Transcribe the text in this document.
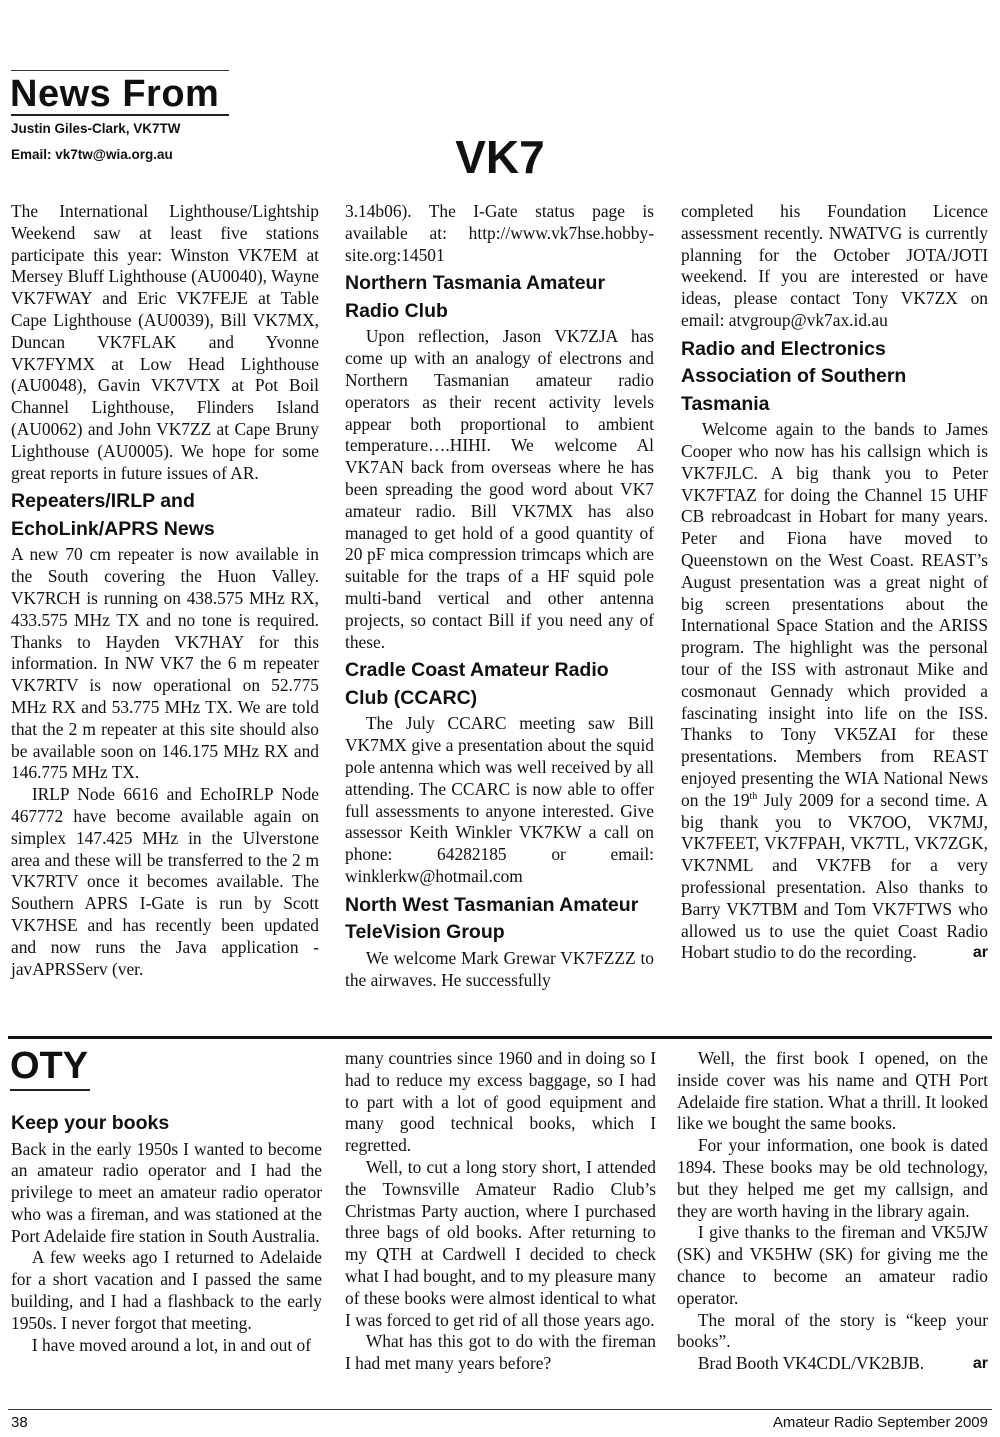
News From
Justin Giles-Clark, VK7TW
Email: vk7tw@wia.org.au	VK7

The International Lighthouse/Lightship Weekend saw at least five stations participate this year: Winston VK7EM at Mersey Bluff Lighthouse (AU0040), Wayne VK7FWAY and Eric VK7FEJE at Table Cape Lighthouse (AU0039), Bill VK7MX, Duncan VK7FLAK and Yvonne VK7FYMX at Low Head Lighthouse (AU0048), Gavin VK7VTX at Pot Boil Channel Lighthouse, Flinders Island (AU0062) and John VK7ZZ at Cape Bruny Lighthouse (AU0005). We hope for some great reports in future issues of AR.

Repeaters/IRLP and EchoLink/APRS News

A new 70 cm repeater is now available in the South covering the Huon Valley. VK7RCH is running on 438.575 MHz RX, 433.575 MHz TX and no tone is required. Thanks to Hayden VK7HAY for this information. In NW VK7 the 6 m repeater VK7RTV is now operational on 52.775 MHz RX and 53.775 MHz TX. We are told that the 2 m repeater at this site should also be available soon on 146.175 MHz RX and 146.775 MHz TX.

IRLP Node 6616 and EchoIRLP Node 467772 have become available again on simplex 147.425 MHz in the Ulverstone area and these will be transferred to the 2 m VK7RTV once it becomes available. The Southern APRS I-Gate is run by Scott VK7HSE and has recently been updated and now runs the Java application - javAPRSServ (ver.

3.14b06). The I-Gate status page is available at: http://www.vk7hse.hobby-site.org:14501

Northern Tasmania Amateur Radio Club

Upon reflection, Jason VK7ZJA has come up with an analogy of electrons and Northern Tasmanian amateur radio operators as their recent activity levels appear both proportional to ambient temperature….HIHI. We welcome Al VK7AN back from overseas where he has been spreading the good word about VK7 amateur radio. Bill VK7MX has also managed to get hold of a good quantity of 20 pF mica compression trimcaps which are suitable for the traps of a HF squid pole multi-band vertical and other antenna projects, so contact Bill if you need any of these.

Cradle Coast Amateur Radio Club (CCARC)

The July CCARC meeting saw Bill VK7MX give a presentation about the squid pole antenna which was well received by all attending. The CCARC is now able to offer full assessments to anyone interested. Give assessor Keith Winkler VK7KW a call on phone: 64282185 or email: winklerkw@hotmail.com

North West Tasmanian Amateur TeleVision Group

We welcome Mark Grewar VK7FZZZ to the airwaves. He successfully

completed his Foundation Licence assessment recently. NWATVG is currently planning for the October JOTA/JOTI weekend. If you are interested or have ideas, please contact Tony VK7ZX on email: atvgroup@vk7ax.id.au

Radio and Electronics Association of Southern Tasmania

Welcome again to the bands to James Cooper who now has his callsign which is VK7FJLC. A big thank you to Peter VK7FTAZ for doing the Channel 15 UHF CB rebroadcast in Hobart for many years. Peter and Fiona have moved to Queenstown on the West Coast. REAST’s August presentation was a great night of big screen presentations about the International Space Station and the ARISS program. The highlight was the personal tour of the ISS with astronaut Mike and cosmonaut Gennady which provided a fascinating insight into life on the ISS. Thanks to Tony VK5ZAI for these presentations. Members from REAST enjoyed presenting the WIA National News on the 19th July 2009 for a second time. A big thank you to VK7OO, VK7MJ, VK7FEET, VK7FPAH, VK7TL, VK7ZGK, VK7NML and VK7FB for a very professional presentation. Also thanks to Barry VK7TBM and Tom VK7FTWS who allowed us to use the quiet Coast Radio Hobart studio to do the recording.	ar

OTY
Keep your books

Back in the early 1950s I wanted to become an amateur radio operator and I had the privilege to meet an amateur radio operator who was a fireman, and was stationed at the Port Adelaide fire station in South Australia.

A few weeks ago I returned to Adelaide for a short vacation and I passed the same building, and I had a flashback to the early 1950s. I never forgot that meeting.

I have moved around a lot, in and out of

many countries since 1960 and in doing so I had to reduce my excess baggage, so I had to part with a lot of good equipment and many good technical books, which I regretted.

Well, to cut a long story short, I attended the Townsville Amateur Radio Club’s Christmas Party auction, where I purchased three bags of old books. After returning to my QTH at Cardwell I decided to check what I had bought, and to my pleasure many of these books were almost identical to what I was forced to get rid of all those years ago.

What has this got to do with the fireman I had met many years before?

Well, the first book I opened, on the inside cover was his name and QTH Port Adelaide fire station. What a thrill. It looked like we bought the same books.

For your information, one book is dated 1894. These books may be old technology, but they helped me get my callsign, and they are worth having in the library again.

I give thanks to the fireman and VK5JW (SK) and VK5HW (SK) for giving me the chance to become an amateur radio operator.

The moral of the story is “keep your books”.

Brad Booth VK4CDL/VK2BJB.	ar

38	Amateur Radio September 2009
